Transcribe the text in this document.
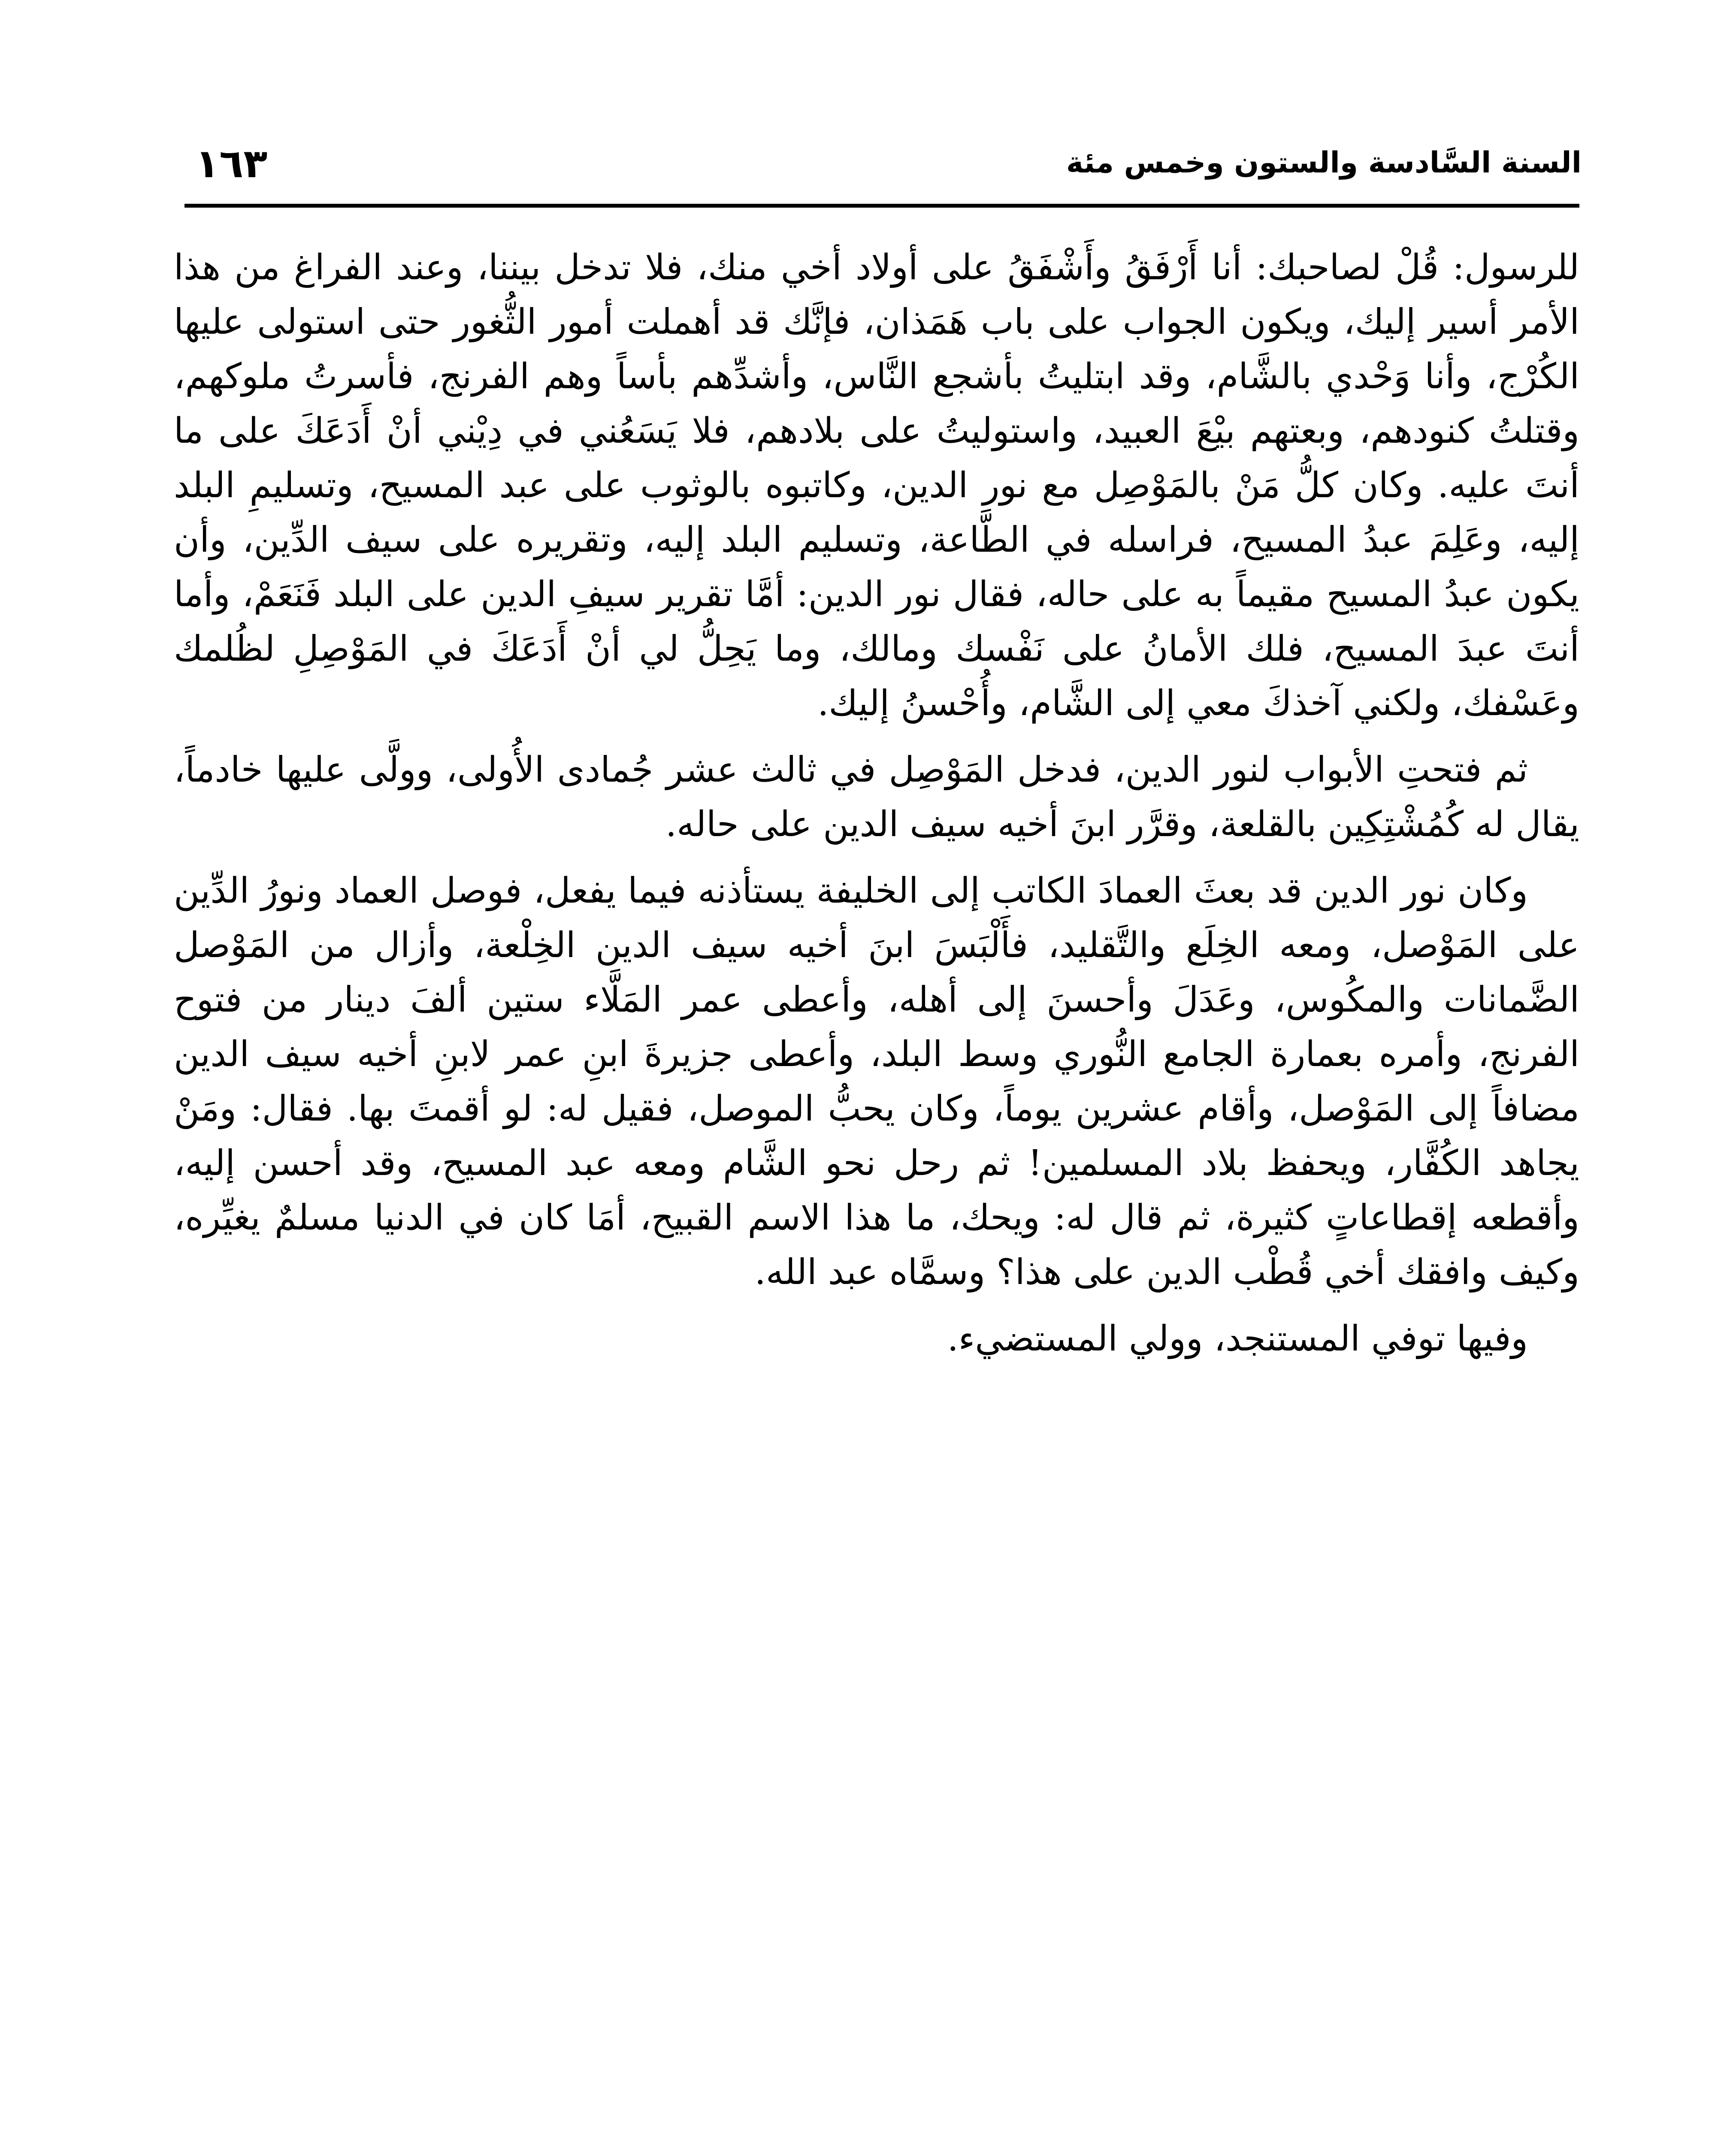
السنة السَّادسة والستون وخمس مئة
١٦٣

للرسول: قُلْ لصاحبك: أنا أَرْفَقُ وأَشْفَقُ على أولاد أخي منك، فلا تدخل بيننا، وعند الفراغ من هذا الأمر أسير إليك، ويكون الجواب على باب هَمَذان، فإنَّك قد أهملت أمور الثُّغور حتى استولى عليها الكُرْج، وأنا وَحْدي بالشَّام، وقد ابتليتُ بأشجع النَّاس، وأشدِّهم بأساً وهم الفرنج، فأسرتُ ملوكهم، وقتلتُ كنودهم، وبعتهم بيْعَ العبيد، واستوليتُ على بلادهم، فلا يَسَعُني في دِيْني أنْ أَدَعَكَ على ما أنتَ عليه. وكان كلُّ مَنْ بالمَوْصِل مع نور الدين، وكاتبوه بالوثوب على عبد المسيح، وتسليمِ البلد إليه، وعَلِمَ عبدُ المسيح، فراسله في الطَّاعة، وتسليم البلد إليه، وتقريره على سيف الدِّين، وأن يكون عبدُ المسيح مقيماً به على حاله، فقال نور الدين: أمَّا تقرير سيفِ الدين على البلد فَنَعَمْ، وأما أنتَ عبدَ المسيح، فلك الأمانُ على نَفْسك ومالك، وما يَحِلُّ لي أنْ أَدَعَكَ في المَوْصِلِ لظُلمك وعَسْفك، ولكني آخذكَ معي إلى الشَّام، وأُحْسنُ إليك.

ثم فتحتِ الأبواب لنور الدين، فدخل المَوْصِل في ثالث عشر جُمادى الأُولى، وولَّى عليها خادماً، يقال له كُمُشْتِكِين بالقلعة، وقرَّر ابنَ أخيه سيف الدين على حاله.

وكان نور الدين قد بعثَ العمادَ الكاتب إلى الخليفة يستأذنه فيما يفعل، فوصل العماد ونورُ الدِّين على المَوْصل، ومعه الخِلَع والتَّقليد، فأَلْبَسَ ابنَ أخيه سيف الدين الخِلْعة، وأزال من المَوْصل الضَّمانات والمكُوس، وعَدَلَ وأحسنَ إلى أهله، وأعطى عمر المَلَّاء ستين ألفَ دينار من فتوح الفرنج، وأمره بعمارة الجامع النُّوري وسط البلد، وأعطى جزيرةَ ابنِ عمر لابنِ أخيه سيف الدين مضافاً إلى المَوْصل، وأقام عشرين يوماً، وكان يحبُّ الموصل، فقيل له: لو أقمتَ بها. فقال: ومَنْ يجاهد الكُفَّار، ويحفظ بلاد المسلمين! ثم رحل نحو الشَّام ومعه عبد المسيح، وقد أحسن إليه، وأقطعه إقطاعاتٍ كثيرة، ثم قال له: ويحك، ما هذا الاسم القبيح، أمَا كان في الدنيا مسلمٌ يغيِّره، وكيف وافقك أخي قُطْب الدين على هذا؟ وسمَّاه عبد الله.

وفيها توفي المستنجد، وولي المستضيء.
